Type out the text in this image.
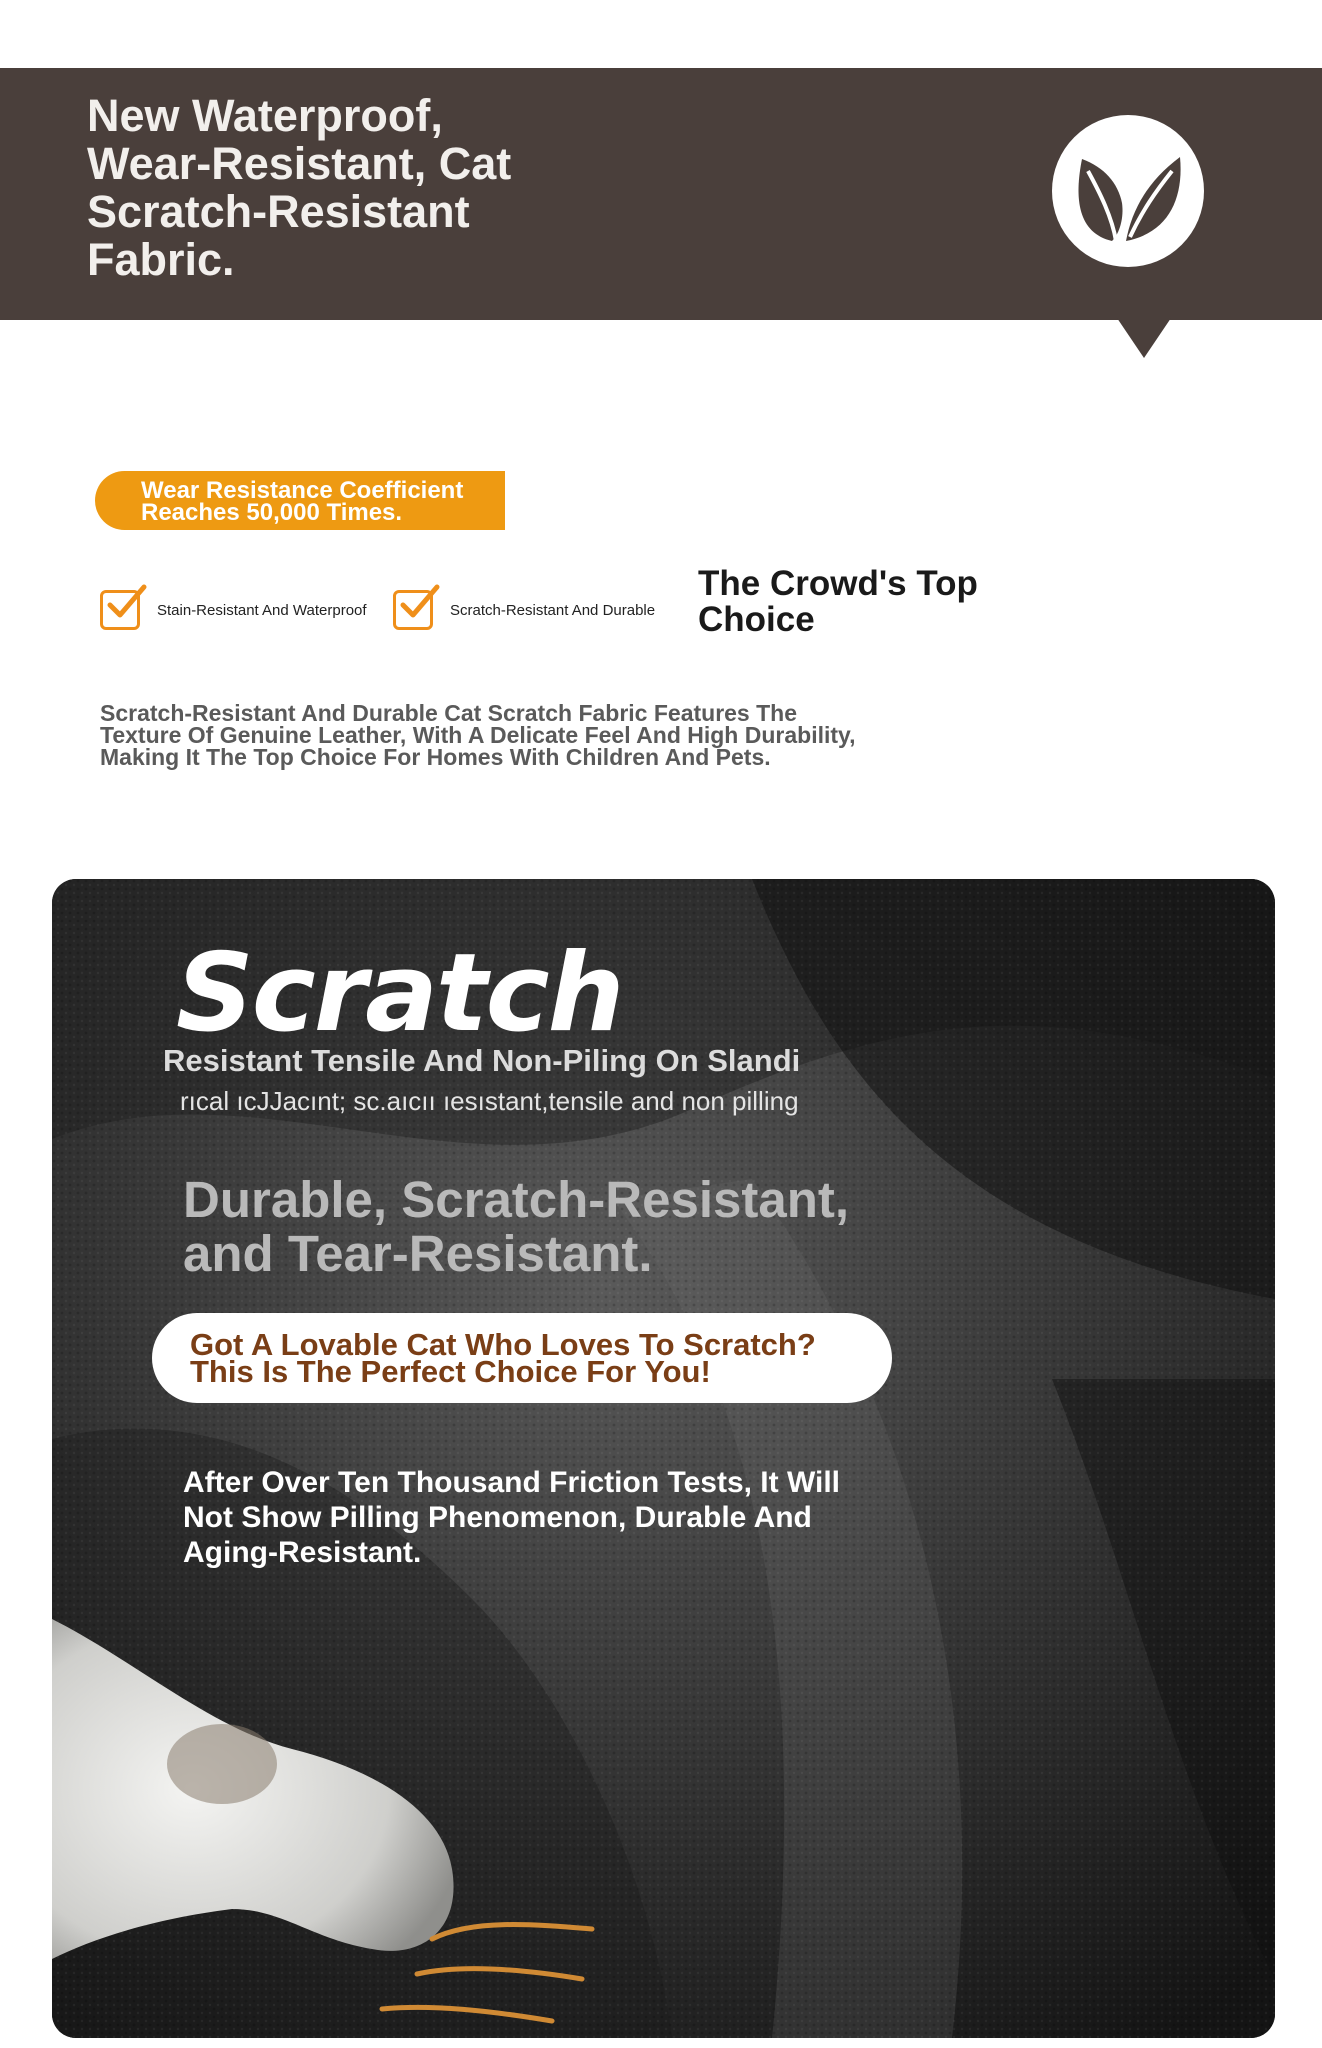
New Waterproof, Wear-Resistant, Cat Scratch-Resistant Fabric.
Wear Resistance Coefficient
Reaches 50,000 Times.
Stain-Resistant And Waterproof	Scratch-Resistant And Durable
The Crowd's Top
Choice
Scratch-Resistant And Durable Cat Scratch Fabric Features The
Texture Of Genuine Leather, With A Delicate Feel And High Durability,
Making It The Top Choice For Homes With Children And Pets.
Scratch
Resistant Tensile And Non-Piling On Slandi
rıcal ıcJJacınt; sc.aıcıı ıesıstant,tensile and non pilling
Durable, Scratch-Resistant,
and Tear-Resistant.
Got A Lovable Cat Who Loves To Scratch?
This Is The Perfect Choice For You!
After Over Ten Thousand Friction Tests, It Will
Not Show Pilling Phenomenon, Durable And
Aging-Resistant.
